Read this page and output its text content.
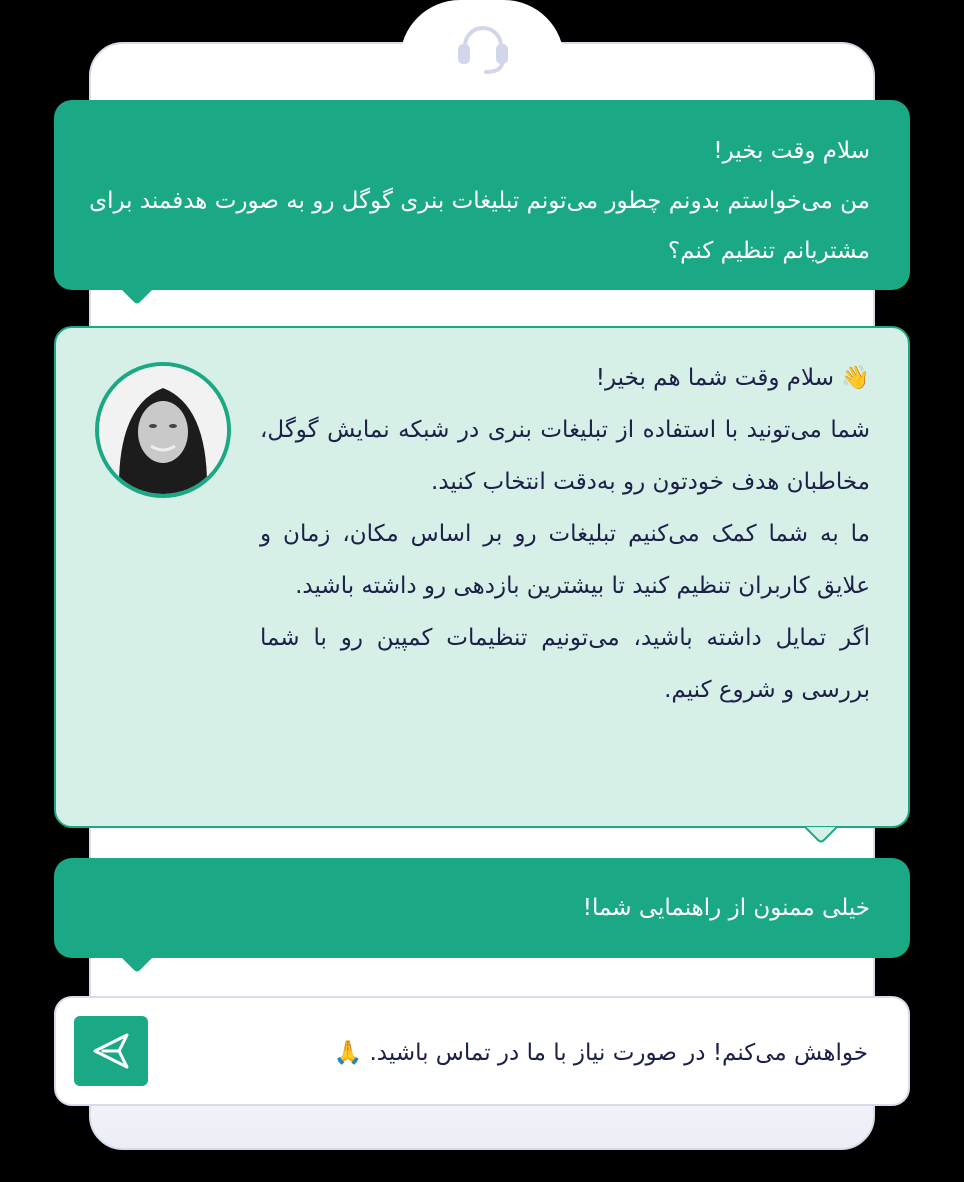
سلام وقت بخیر!
من می‌خواستم بدونم چطور می‌تونم تبلیغات بنری گوگل رو به صورت هدفمند برای مشتریانم تنظیم کنم؟
👋 سلام وقت شما هم بخیر!
شما می‌تونید با استفاده از تبلیغات بنری در شبکه نمایش گوگل، مخاطبان هدف خودتون رو به‌دقت انتخاب کنید.
ما به شما کمک می‌کنیم تبلیغات رو بر اساس مکان، زمان و علایق کاربران تنظیم کنید تا بیشترین بازدهی رو داشته باشید.
اگر تمایل داشته باشید، می‌تونیم تنظیمات کمپین رو با شما بررسی و شروع کنیم.
خیلی ممنون از راهنمایی شما!
خواهش می‌کنم! در صورت نیاز با ما در تماس باشید. 🙏
